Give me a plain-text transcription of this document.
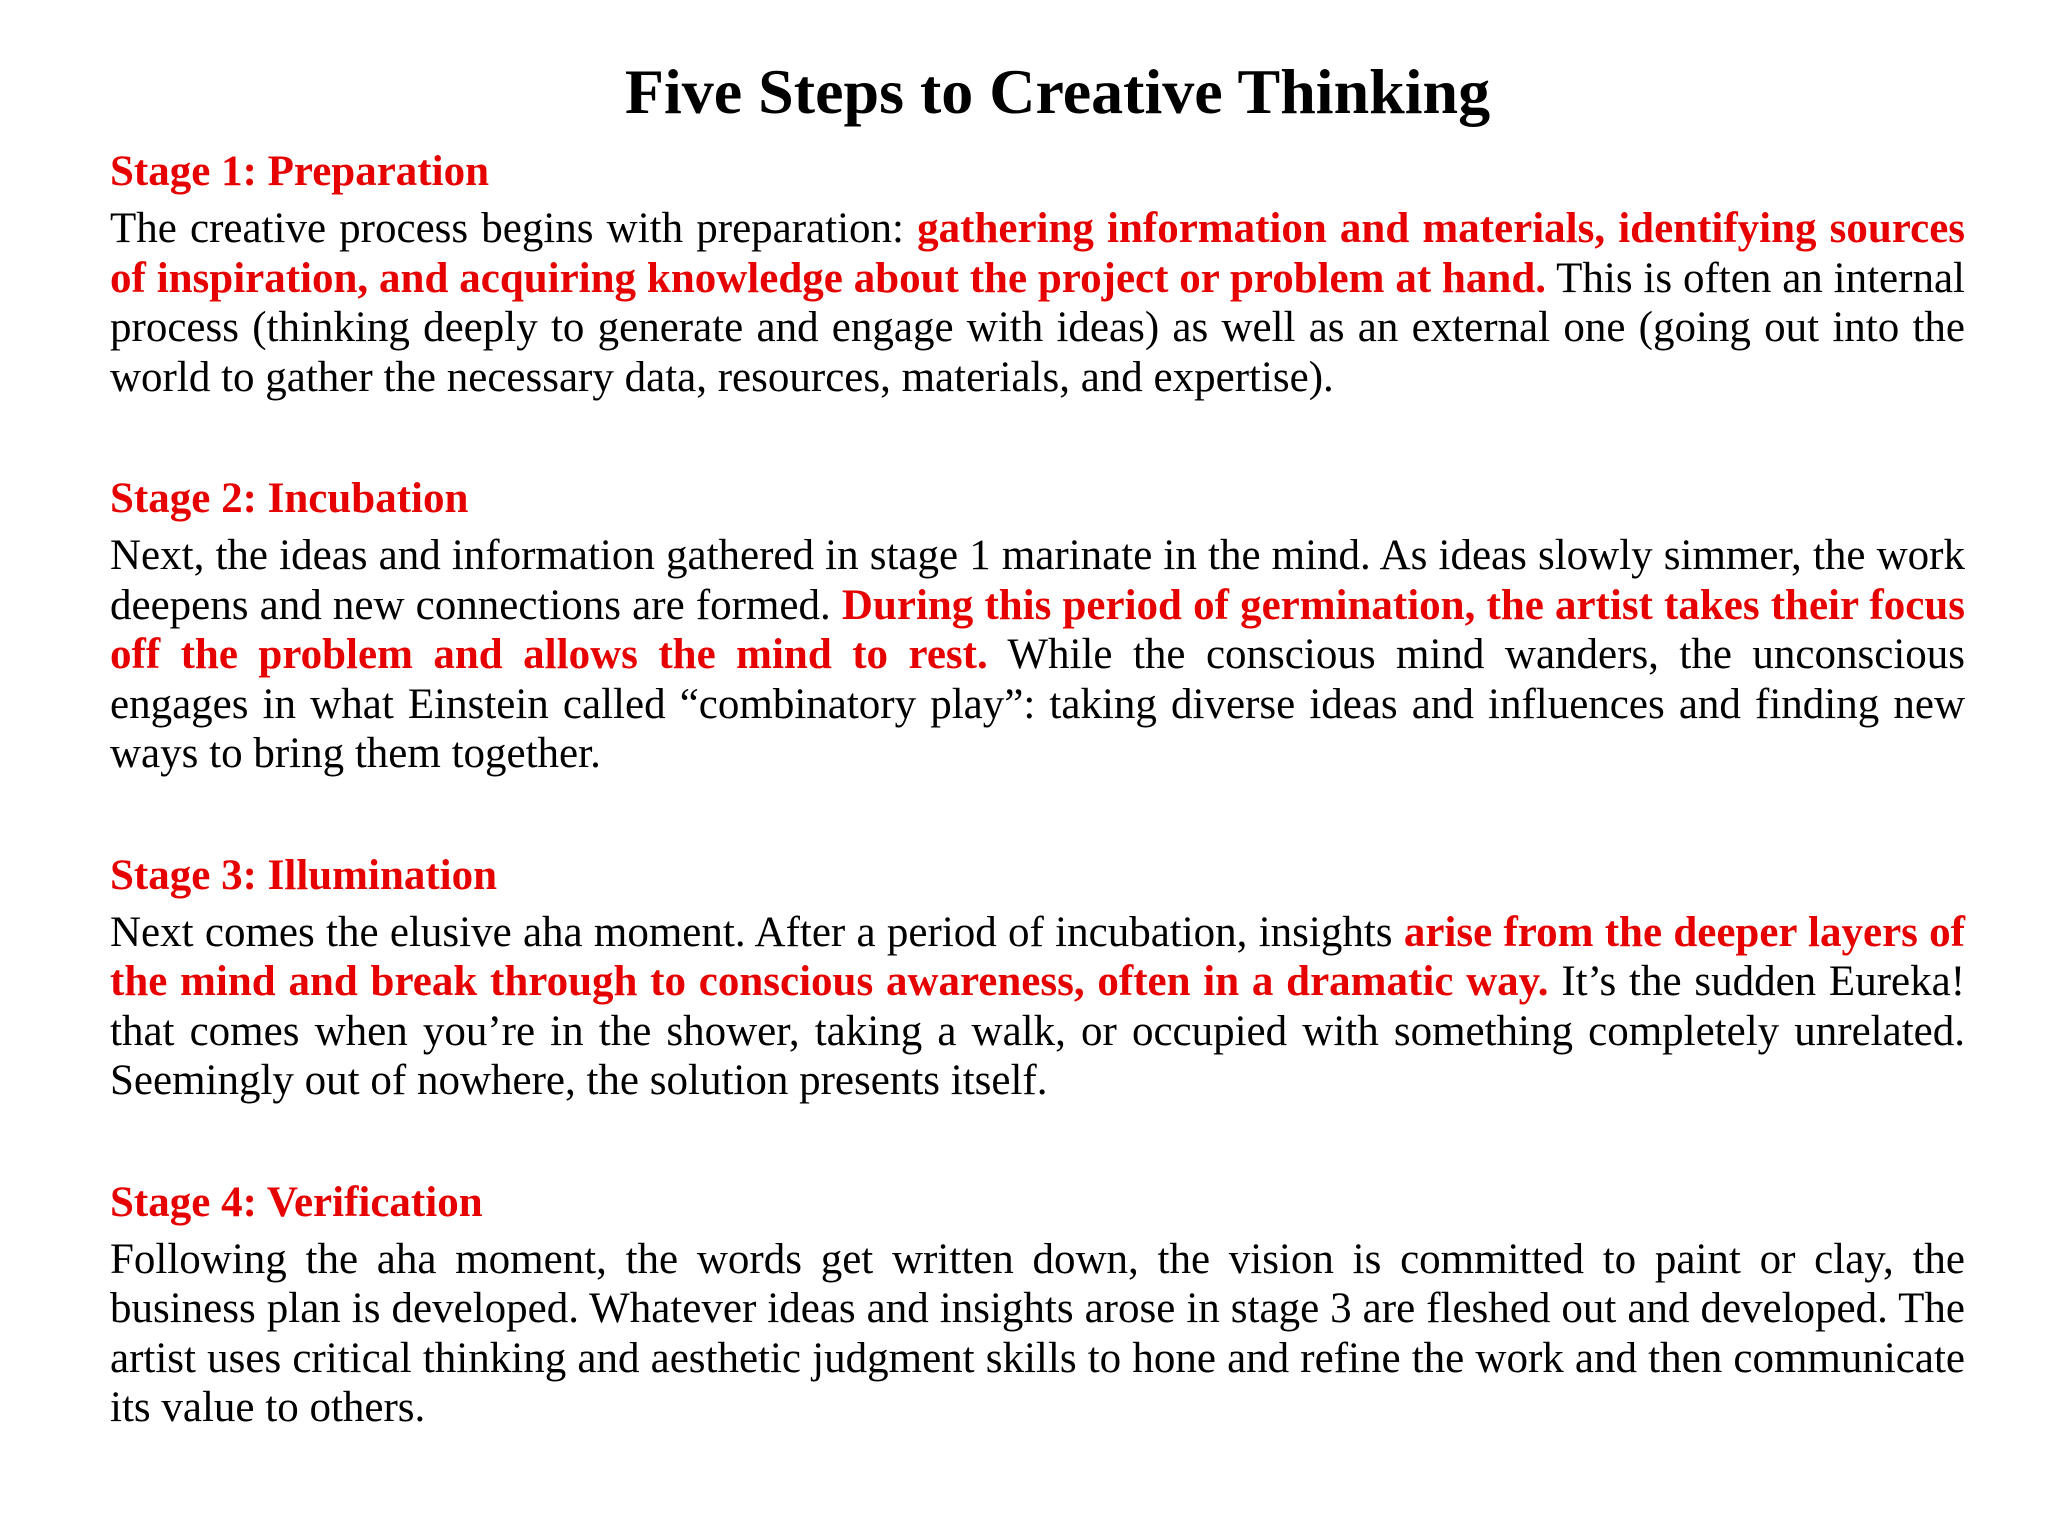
Five Steps to Creative Thinking
Stage 1: Preparation

The creative process begins with preparation: gathering information and materials, identifying sources of inspiration, and acquiring knowledge about the project or problem at hand. This is often an internal process (thinking deeply to generate and engage with ideas) as well as an external one (going out into the world to gather the necessary data, resources, materials, and expertise).

Stage 2: Incubation

Next, the ideas and information gathered in stage 1 marinate in the mind. As ideas slowly simmer, the work deepens and new connections are formed. During this period of germination, the artist takes their focus off the problem and allows the mind to rest. While the conscious mind wanders, the unconscious engages in what Einstein called “combinatory play”: taking diverse ideas and influences and finding new ways to bring them together.

Stage 3: Illumination

Next comes the elusive aha moment. After a period of incubation, insights arise from the deeper layers of the mind and break through to conscious awareness, often in a dramatic way. It’s the sudden Eureka! that comes when you’re in the shower, taking a walk, or occupied with something completely unrelated. Seemingly out of nowhere, the solution presents itself.

Stage 4: Verification

Following the aha moment, the words get written down, the vision is committed to paint or clay, the business plan is developed. Whatever ideas and insights arose in stage 3 are fleshed out and developed. The artist uses critical thinking and aesthetic judgment skills to hone and refine the work and then communicate its value to others.
